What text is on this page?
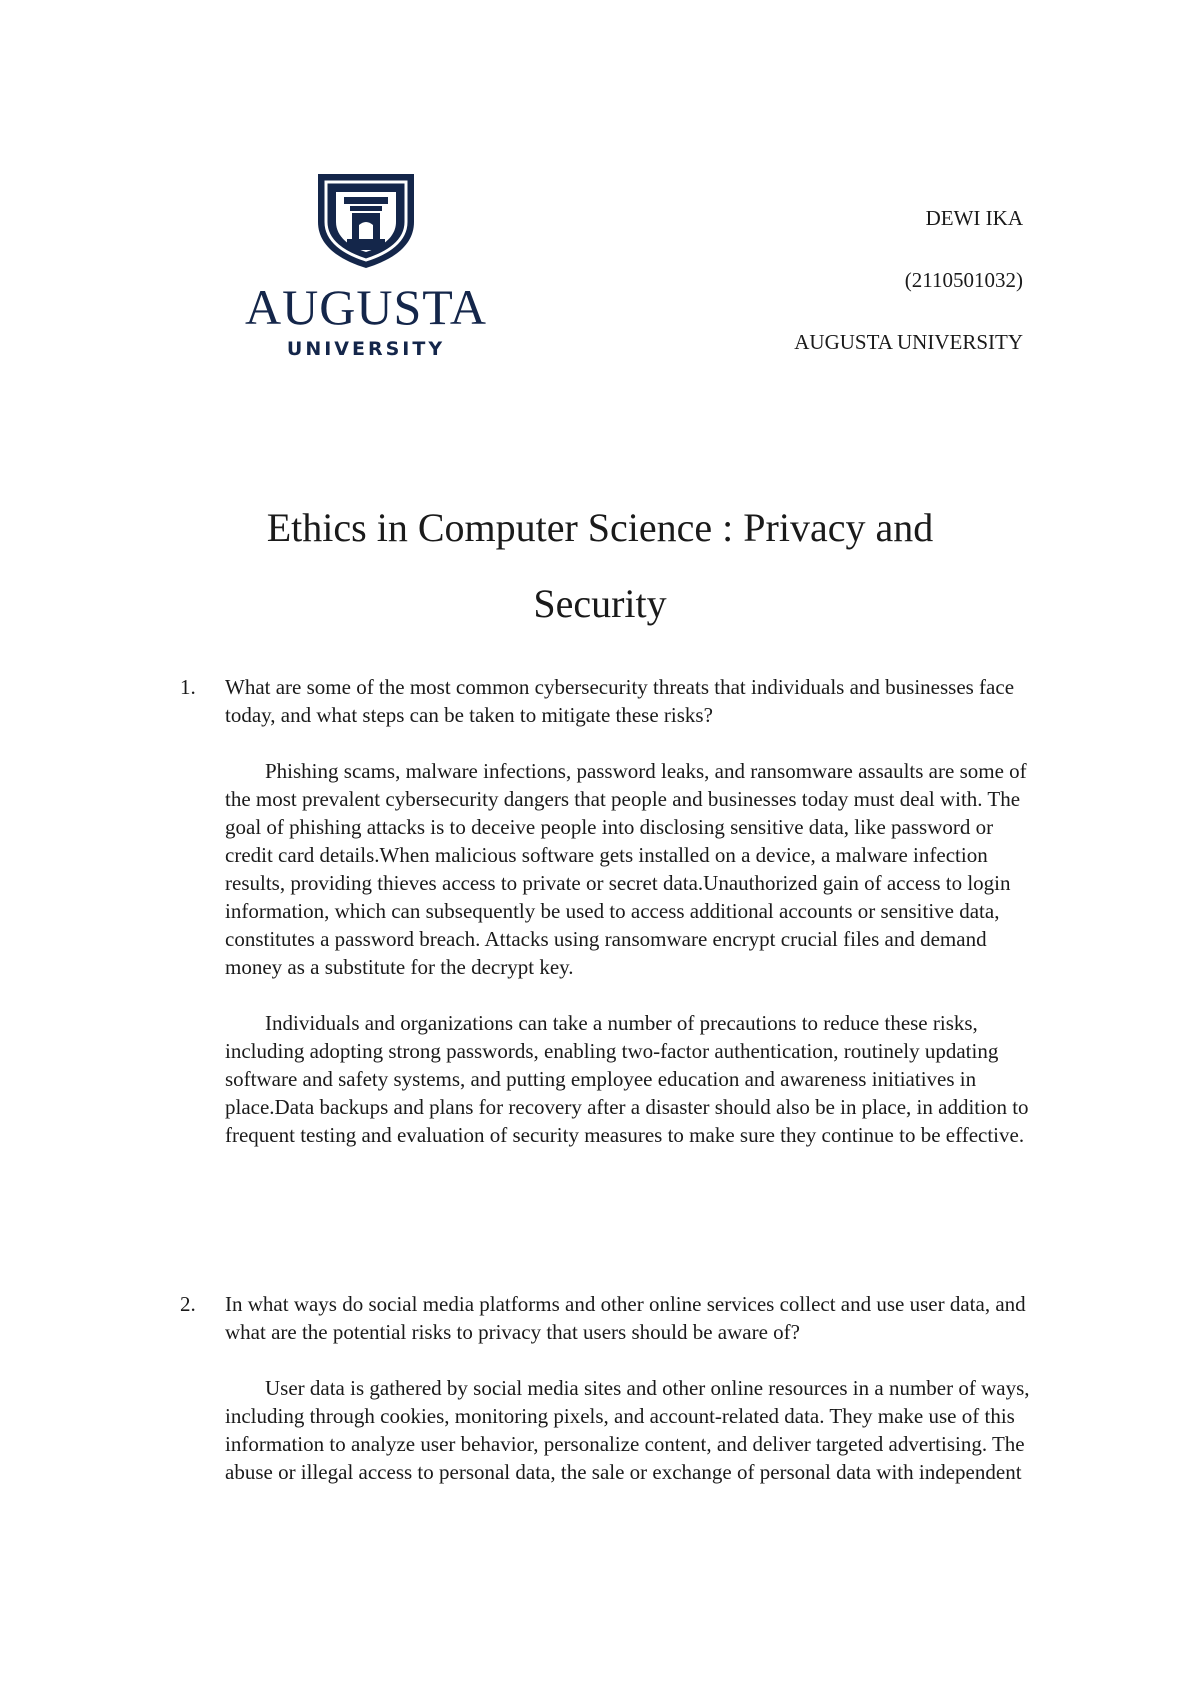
AUGUSTA
UNIVERSITY
DEWI IKA
(2110501032)
AUGUSTA UNIVERSITY
Ethics in Computer Science : Privacy and Security
1. What are some of the most common cybersecurity threats that individuals and businesses face today, and what steps can be taken to mitigate these risks?

Phishing scams, malware infections, password leaks, and ransomware assaults are some of the most prevalent cybersecurity dangers that people and businesses today must deal with. The goal of phishing attacks is to deceive people into disclosing sensitive data, like password or credit card details.When malicious software gets installed on a device, a malware infection results, providing thieves access to private or secret data.Unauthorized gain of access to login information, which can subsequently be used to access additional accounts or sensitive data, constitutes a password breach. Attacks using ransomware encrypt crucial files and demand money as a substitute for the decrypt key.

Individuals and organizations can take a number of precautions to reduce these risks, including adopting strong passwords, enabling two-factor authentication, routinely updating software and safety systems, and putting employee education and awareness initiatives in place.Data backups and plans for recovery after a disaster should also be in place, in addition to frequent testing and evaluation of security measures to make sure they continue to be effective.

2. In what ways do social media platforms and other online services collect and use user data, and what are the potential risks to privacy that users should be aware of?

User data is gathered by social media sites and other online resources in a number of ways, including through cookies, monitoring pixels, and account-related data. They make use of this information to analyze user behavior, personalize content, and deliver targeted advertising. The abuse or illegal access to personal data, the sale or exchange of personal data with independent
